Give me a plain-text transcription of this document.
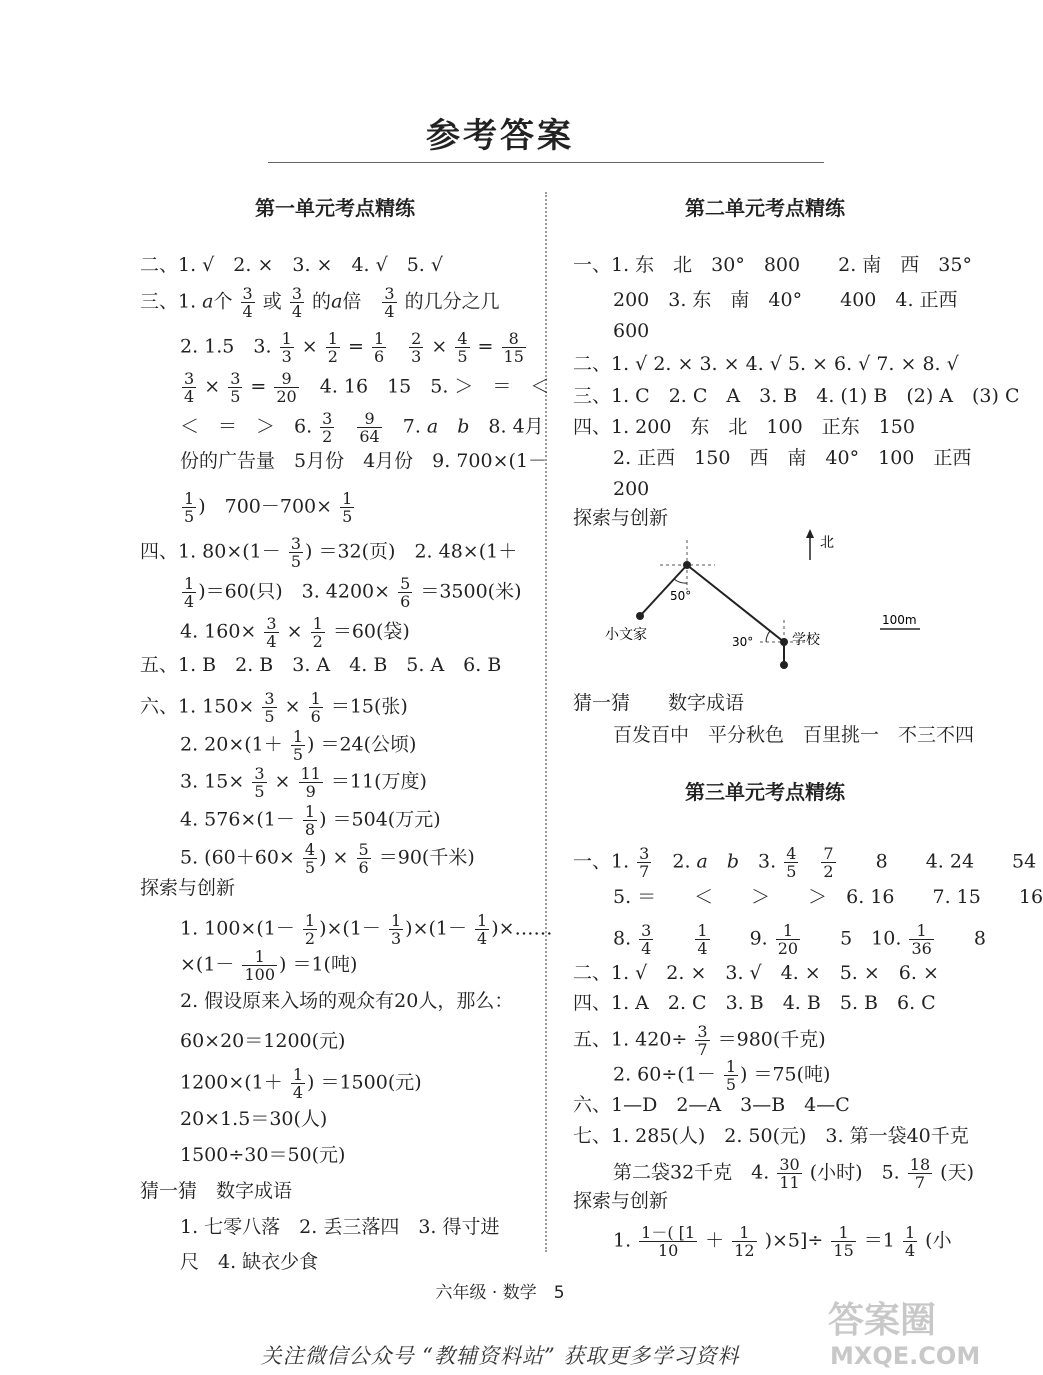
参考答案
第一单元考点精练
二、1. √　2. ×　3. ×　4. √　5. √
三、1. a个 $\frac{3}{4}$ 或 $\frac{3}{4}$ 的a倍　 $\frac{3}{4}$ 的几分之几
2. 1.5　3. $\frac{1}{3} \times \frac{1}{2} = \frac{1}{6}$
　 $\frac{2}{3} \times \frac{4}{5} = \frac{8}{15}$
$\frac{3}{4} \times \frac{3}{5} = \frac{9}{20}$ 　4. 16　15　5. ＞　＝　＜
＜　＝　＞　6. $\frac{3}{2}$
　 $\frac{9}{64}$ 　7. a　 b　8. 4月
份的广告量　5月份　4月份　9. 700×(1－
$\frac{1}{5}$ )　$700-700\times \frac{1}{5}$
四、1. $80\times(1- \frac{3}{5}$ ) ＝32(页)　2. 48×(1＋
$\frac{1}{4} )=60$(只)　3. $4200\times \frac{5}{6} =3500$(米)
4. $160\times \frac{3}{4} \times \frac{1}{2} =60$(袋)
五、1. B　2. B　3. A　4. B　5. A　6. B
六、1. $150\times \frac{3}{5} \times \frac{1}{6} =15$(张)
2. $20\times(1+ \frac{1}{5}$ ) ＝24(公顷)
3. $15\times \frac{3}{5} \times \frac{11}{9} =11$(万度)
4. $576\times(1- \frac{1}{8}$ ) ＝504(万元)
5. ($60+60\times \frac{4}{5}$ ) × $\frac{5}{6} =90$(千米)
探索与创新
1. $100\times(1- \frac{1}{2} )\times(1- \frac{1}{3} )\times(1- \frac{1}{4}$ )×……
$\times(1- \frac{1}{100}$ ) ＝1(吨)
2. 假设原来入场的观众有20人，那么：
60×20＝1200(元)
$1200\times(1+ \frac{1}{4}$ ) ＝1500(元)
20×1.5＝30(人)
1500÷30＝50(元)
猜一猜　数字成语
1. 七零八落　2. 丢三落四　3. 得寸进
尺　4. 缺衣少食
第二单元考点精练
一、1. 东　北　30°　800　　2. 南　西　35°
200　3. 东　南　40°　　400　4. 正西
600
二、1. √ 2. × 3. × 4. √ 5. × 6. √ 7. × 8. √
三、1. C　2. C　A　3. B　4. (1) B　(2) A　(3) C
四、1. 200　东　北　100　正东　150
2. 正西　150　西　南　40°　100　正西
200
探索与创新
北
50°
30°
小文家	学校
100m
猜一猜　　数字成语
百发百中　平分秋色　百里挑一　不三不四
第三单元考点精练
一、1. $\frac{3}{7}$ 　2. a　 b　3. $\frac{4}{5}$
　 $\frac{7}{2}$ 　　8　　4. 24　　54
5. ＝　　＜　　＞　　＞　6. 16　　7. 15　　16
8. $\frac{3}{4}$
　　	$\frac{1}{4}$ 　　9. $\frac{1}{20}$ 　　5　10. $\frac{1}{36}$ 　　8
二、1. √　2. ×　3. √　4. ×　5. ×　6. ×
四、1. A　2. C　3. B　4. B　5. B　6. C
五、1. $420\div \frac{3}{7} =980$(千克)
2. $60\div(1- \frac{1}{5}$ ) ＝75(吨)
六、1—D　2—A　3—B　4—C
七、1. 285(人)　2. 50(元)　3. 第一袋40千克
第二袋32千克　4. $\frac{30}{11}$ (小时)　5. $\frac{18}{7}$ (天)
探索与创新
1. $\frac{1-( [1}{10} + \frac{1}{12} )\times 5]\div \frac{1}{15} =1 \frac{1}{4}$ (小
六年级 · 数学　5
关注微信公众号 “教辅资料站” 获取更多学习资料
答案圈
MXQE.COM
